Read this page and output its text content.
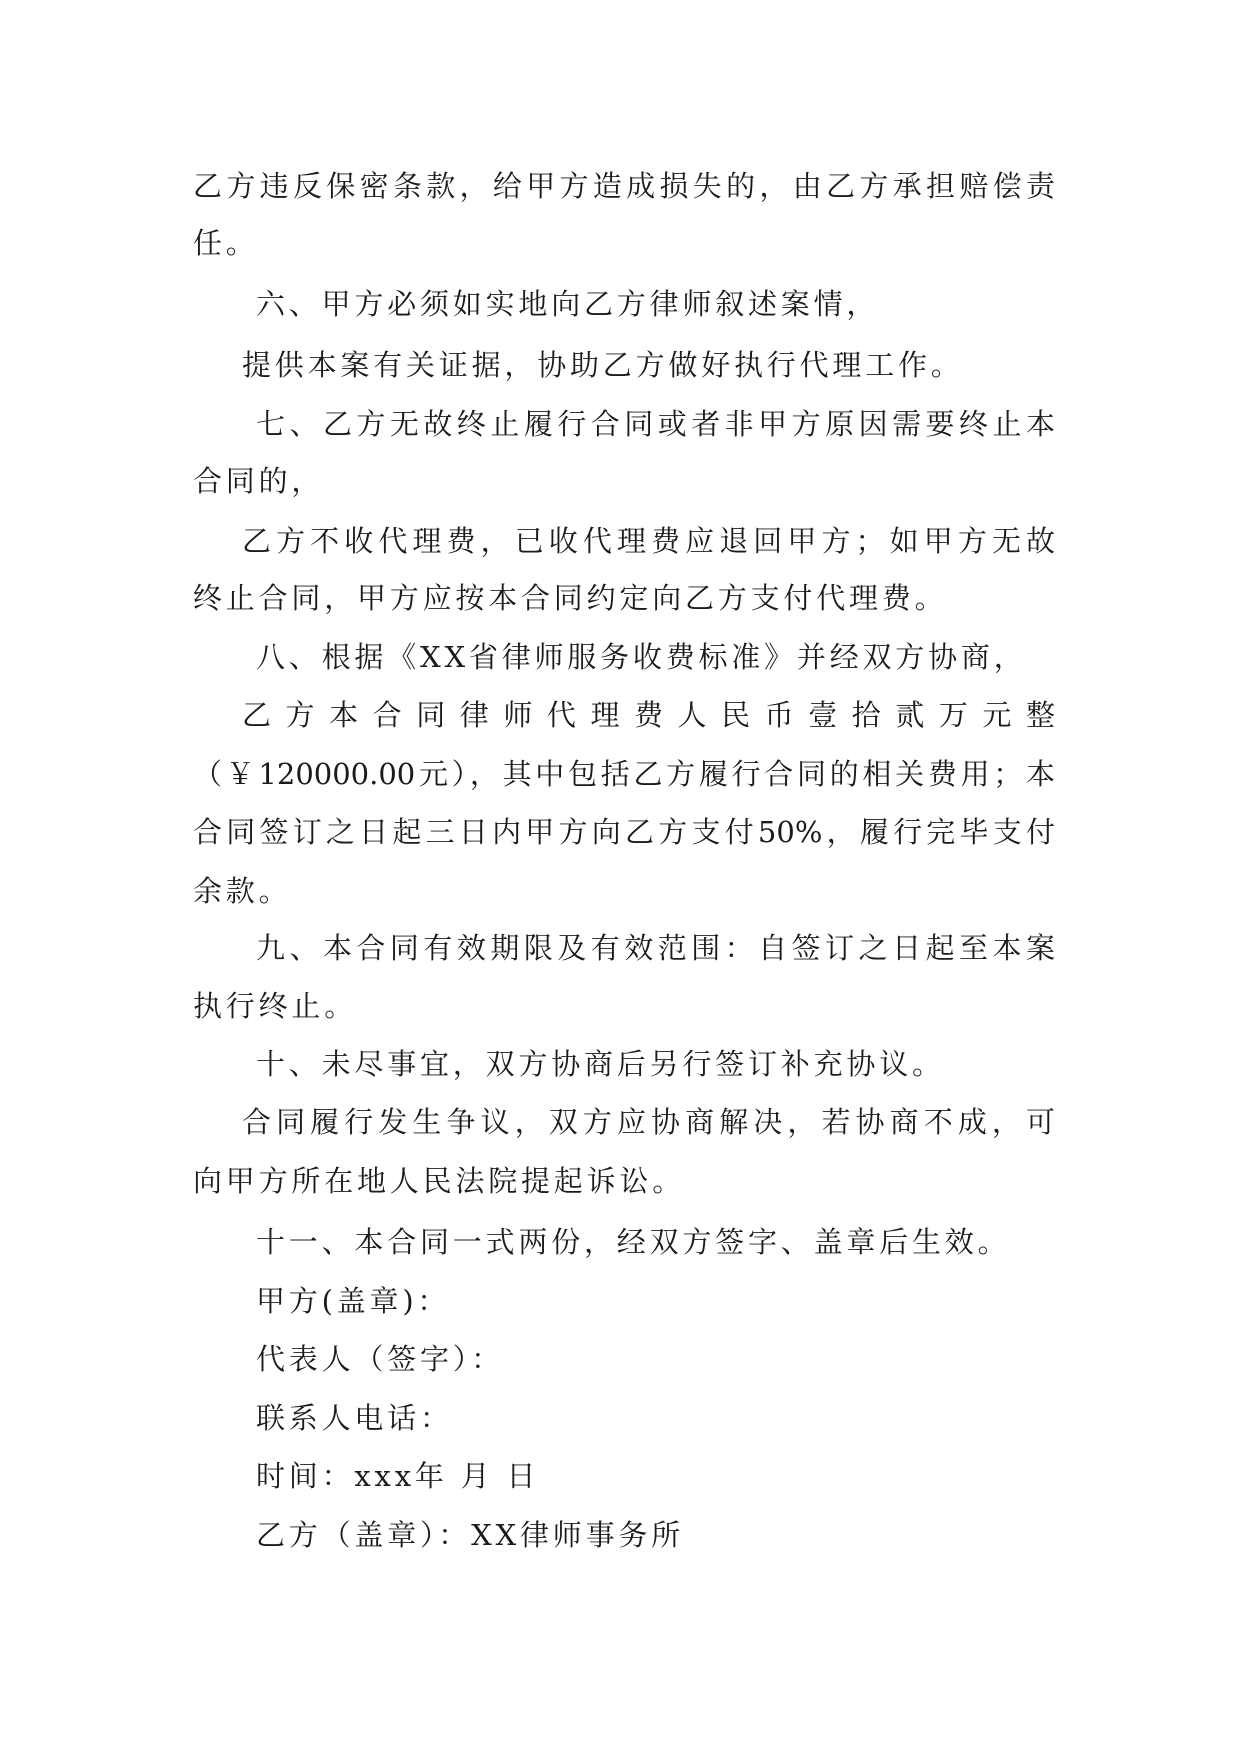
乙方违反保密条款，给甲方造成损失的，由乙方承担赔偿责
任。
六、甲方必须如实地向乙方律师叙述案情，
提供本案有关证据，协助乙方做好执行代理工作。
七、乙方无故终止履行合同或者非甲方原因需要终止本
合同的，
乙方不收代理费，已收代理费应退回甲方；如甲方无故
终止合同，甲方应按本合同约定向乙方支付代理费。
八、根据《XX省律师服务收费标准》并经双方协商，
乙方本合同律师代理费人民币壹拾贰万元整
（￥120000.00元），其中包括乙方履行合同的相关费用；本
合同签订之日起三日内甲方向乙方支付50%，履行完毕支付
余款。
九、本合同有效期限及有效范围：自签订之日起至本案
执行终止。
十、未尽事宜，双方协商后另行签订补充协议。
合同履行发生争议，双方应协商解决，若协商不成，可
向甲方所在地人民法院提起诉讼。
十一、本合同一式两份，经双方签字、盖章后生效。
甲方(盖章)：
代表人（签字）：
联系人电话：
时间：xxx年 月 日
乙方（盖章）：XX律师事务所
